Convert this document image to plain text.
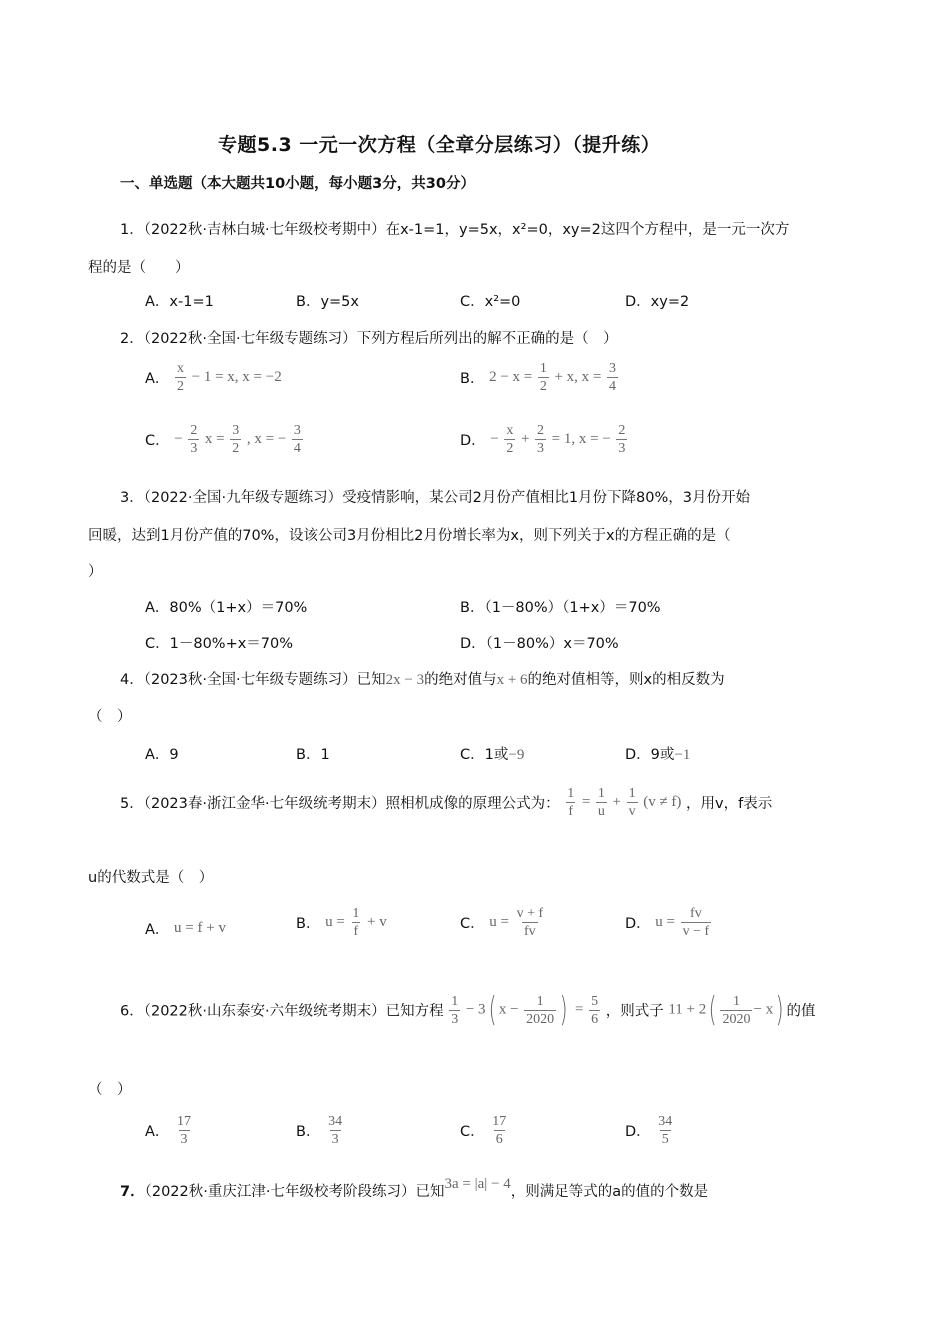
专题5.3 一元一次方程（全章分层练习）（提升练）
一、单选题（本大题共10小题，每小题3分，共30分）
1．（2022秋·吉林白城·七年级校考期中）在x-1=1，y=5x，x²=0，xy=2这四个方程中，是一元一次方
程的是（　　）
A．x-1=1	B．y=5x	C．x²=0	D．xy=2
2．（2022秋·全国·七年级专题练习）下列方程后所列出的解不正确的是（　）
A． $\frac{x}{2} - 1 = x$, x = −2	B． $2 - x = \frac{1}{2} + x$, $x = \frac{3}{4}$
C． − $\frac{2}{3}$ $x = \frac{3}{2}$ , x = − $\frac{3}{4}$	D． − $\frac{x}{2} + \frac{2}{3} = 1$, x = − $\frac{2}{3}$
3．（2022·全国·九年级专题练习）受疫情影响，某公司2月份产值相比1月份下降80%，3月份开始
回暖，达到1月份产值的70%，设该公司3月份相比2月份增长率为x，则下列关于x的方程正确的是（
）
A．80%（1+x）＝70%	B．（1－80%）（1+x）＝70%
C．1－80%+x＝70%	D．（1－80%）x＝70%
4．（2023秋·全国·七年级专题练习）已知2x − 3的绝对值与x + 6的绝对值相等，则x的相反数为
（　）
A．9	B．1	C．1或−9	D．9或−1
5．（2023春·浙江金华·七年级统考期末）照相机成像的原理公式为： $\frac{1}{f} = \frac{1}{u} + \frac{1}{v} (v \ne f)$ ，用v，f表示
u的代数式是（　）
A． u = f + v	B． $u = \frac{1}{f} + v$	C． $u = \frac{v + f}{fv}$	D． $u = \frac{fv}{v - f}$
6．（2022秋·山东泰安·六年级统考期末）已知方程 $\frac{1}{3} - 3$( $x - \frac{1}{2020}$ ) = $\frac{5}{6}$ ，则式子 $11 + 2( \frac{1}{2020} - x)$ 的值
（　）
A． $\frac{17}{3}$	B． $\frac{34}{3}$	C． $\frac{17}{6}$	D． $\frac{34}{5}$
7．（2022秋·重庆江津·七年级校考阶段练习）已知3a = |a| − 4，则满足等式的a的值的个数是
